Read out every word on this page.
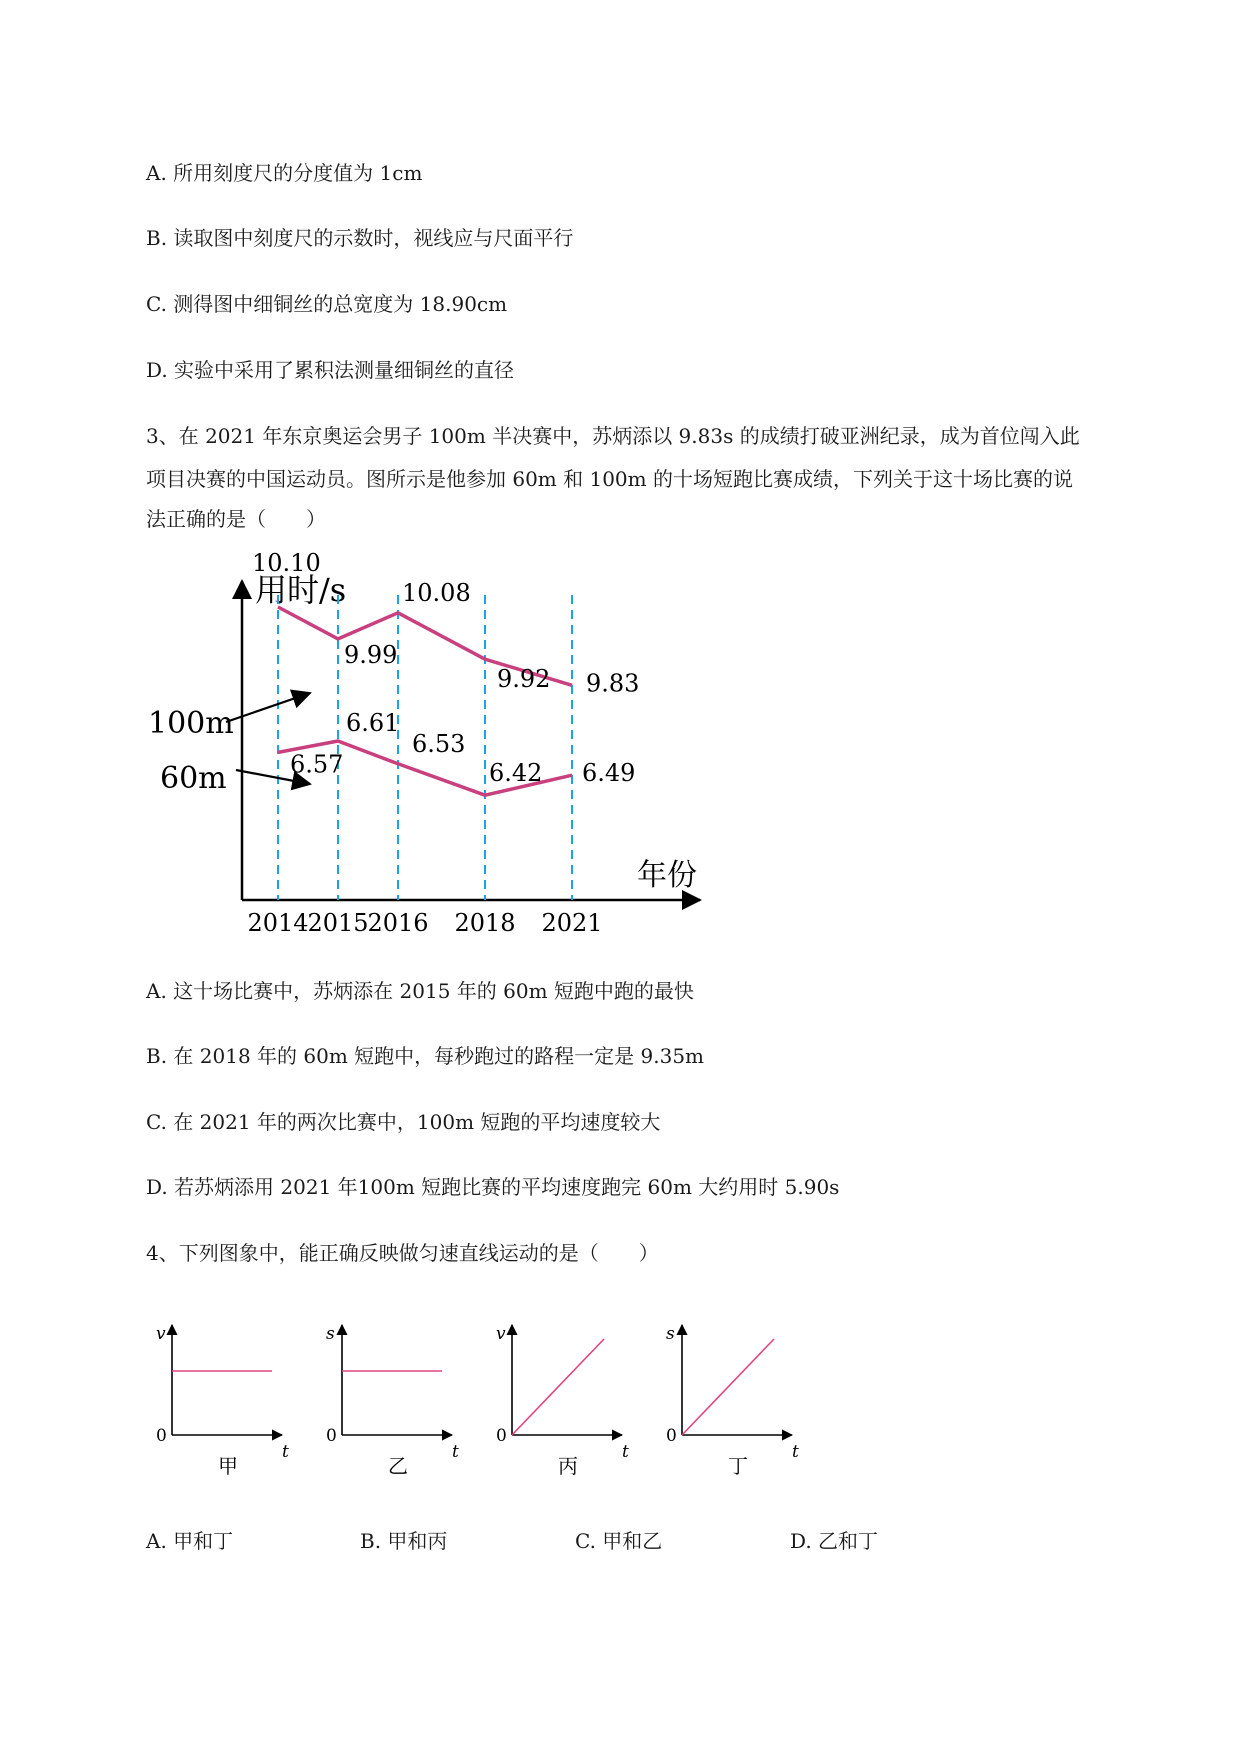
A. 所用刻度尺的分度值为 1cm
B. 读取图中刻度尺的示数时，视线应与尺面平行
C. 测得图中细铜丝的总宽度为 18.90cm
D. 实验中采用了累积法测量细铜丝的直径
3、在 2021 年东京奥运会男子 100m 半决赛中，苏炳添以 9.83s 的成绩打破亚洲纪录，成为首位闯入此
项目决赛的中国运动员。图所示是他参加 60m 和 100m 的十场短跑比赛成绩，下列关于这十场比赛的说
法正确的是（　　）
用时/s
年份
2014
2015
2016 2018 2021
10.10
9.99
10.08
9.92 9.83
6.57
6.61
6.53
6.42 6.49
100m
60m
A. 这十场比赛中，苏炳添在 2015 年的 60m 短跑中跑的最快
B. 在 2018 年的 60m 短跑中，每秒跑过的路程一定是 9.35m
C. 在 2021 年的两次比赛中，100m 短跑的平均速度较大
D. 若苏炳添用 2021 年100m 短跑比赛的平均速度跑完 60m 大约用时 5.90s
4、下列图象中，能正确反映做匀速直线运动的是（　　）
v
t
0
甲
s
t
0
乙
v
t
0
丙
s
t
0
丁
A. 甲和丁	B. 甲和丙	C. 甲和乙	D. 乙和丁
